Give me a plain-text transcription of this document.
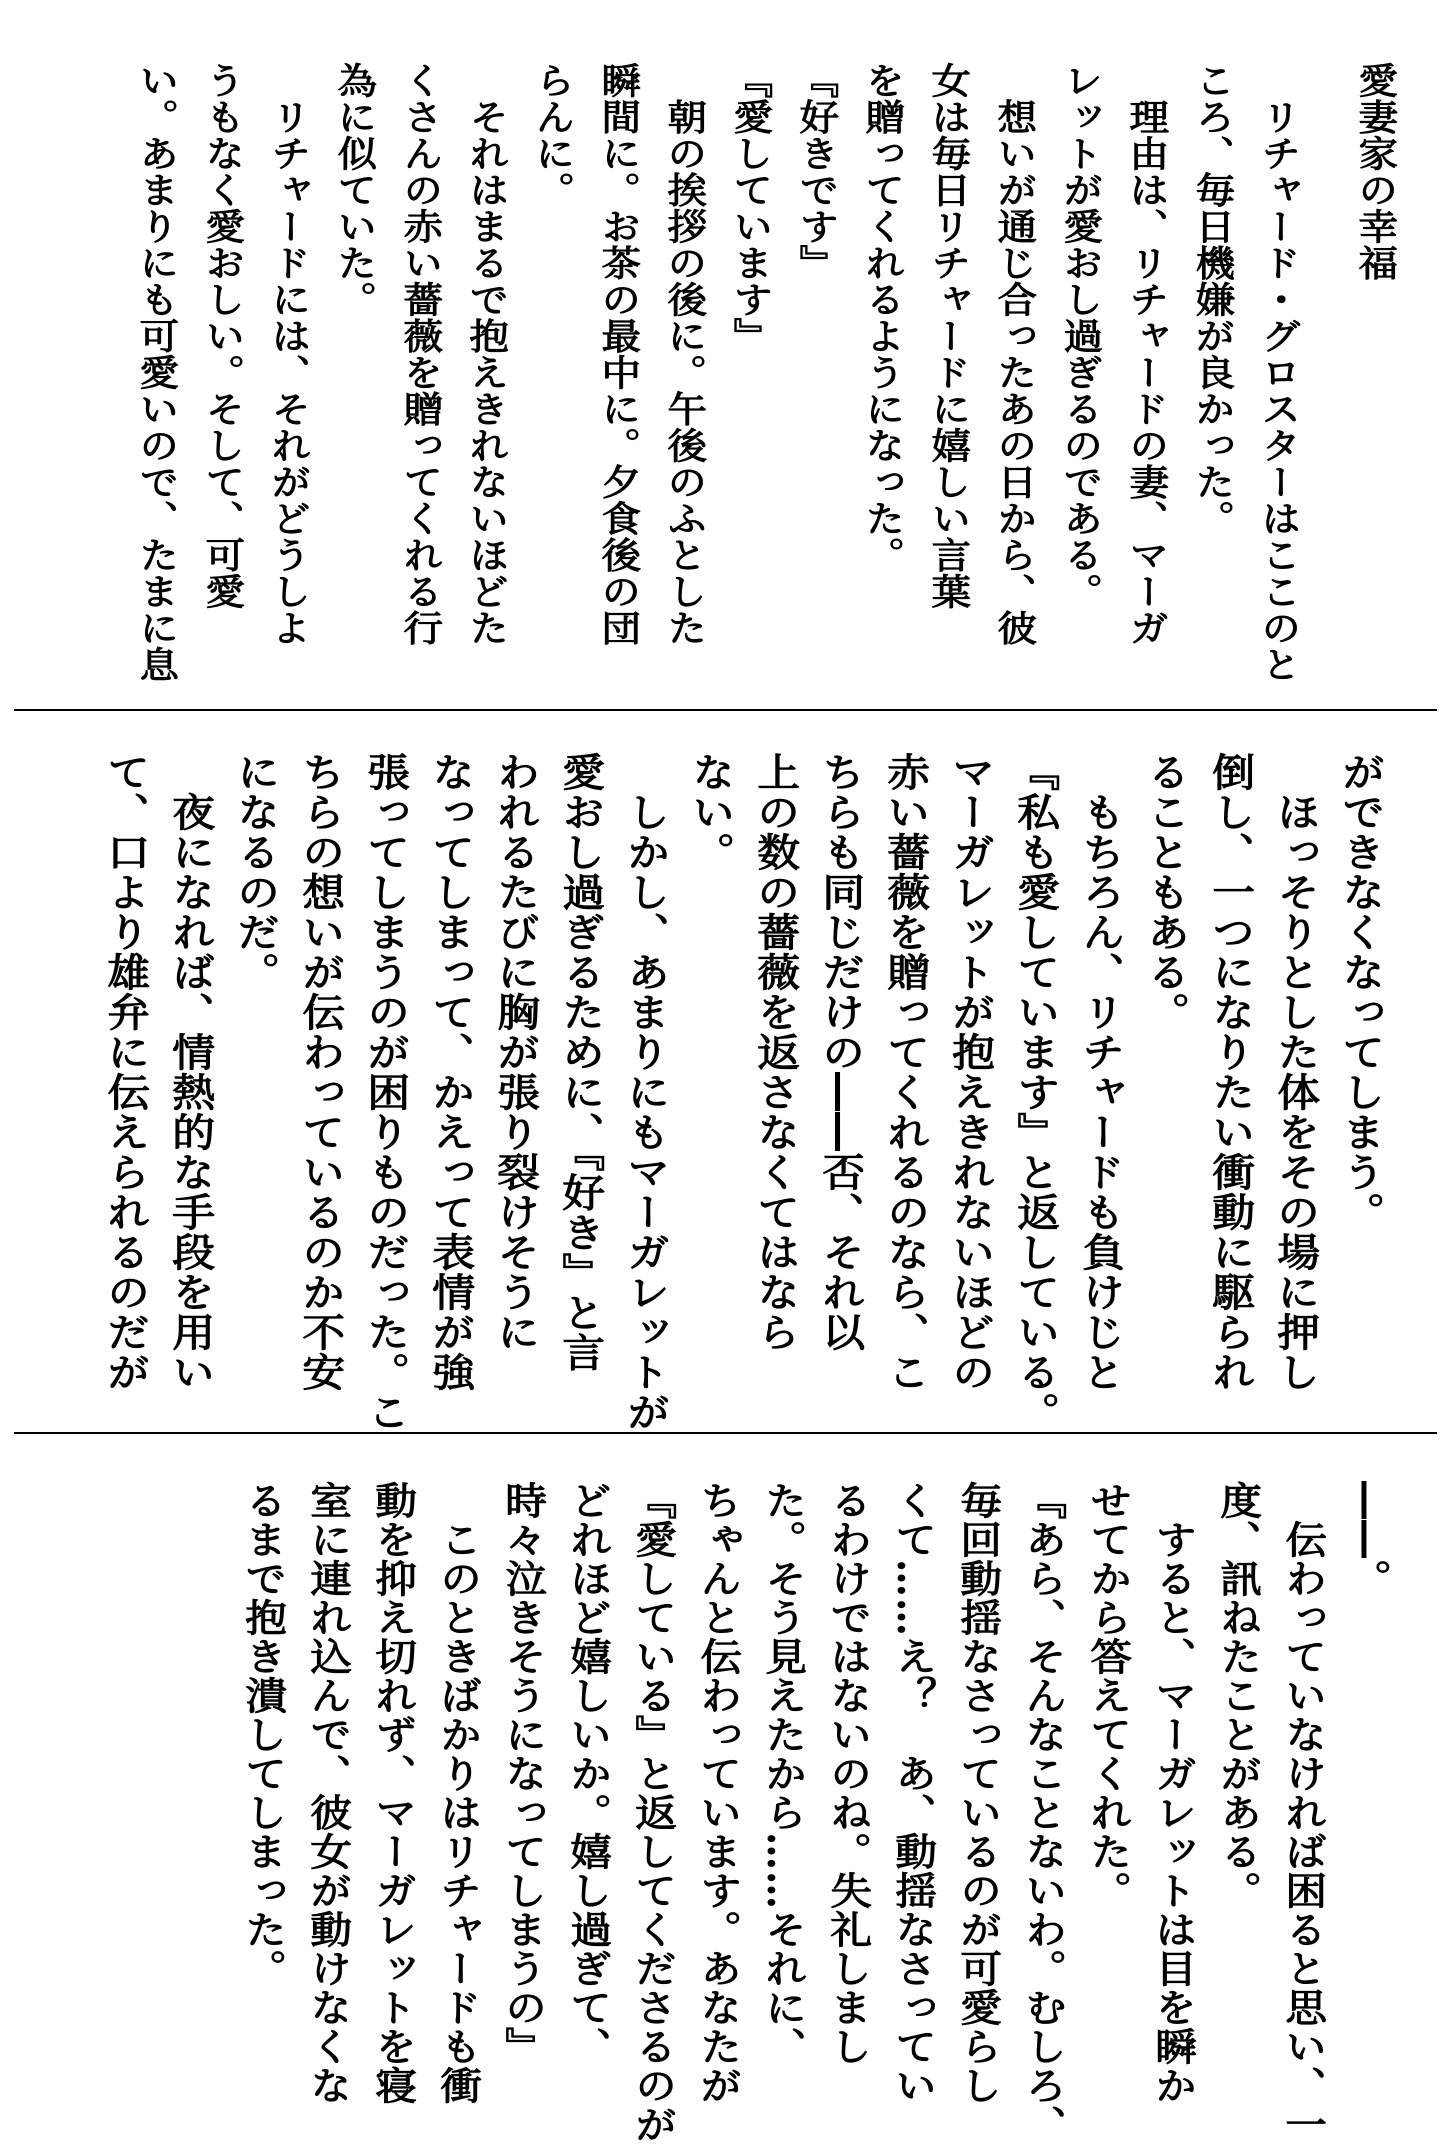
愛妻家の幸福
　リチャード・グロスターはここのと
ころ、毎日機嫌が良かった。
　理由は、リチャードの妻、マーガ
レットが愛おし過ぎるのである。
　想いが通じ合ったあの日から、彼
女は毎日リチャードに嬉しい言葉
を贈ってくれるようになった。
『好きです』
『愛しています』
　朝の挨拶の後に。午後のふとした
瞬間に。お茶の最中に。夕食後の団
らんに。
　それはまるで抱えきれないほどた
くさんの赤い薔薇を贈ってくれる行
為に似ていた。
　リチャードには、それがどうしよ
うもなく愛おしい。そして、可愛
い。あまりにも可愛いので、たまに息
ができなくなってしまう。
　ほっそりとした体をその場に押し
倒し、一つになりたい衝動に駆られ
ることもある。
　もちろん、リチャードも負けじと
『私も愛しています』と返している。
マーガレットが抱えきれないほどの
赤い薔薇を贈ってくれるのなら、こ
ちらも同じだけの――否、それ以
上の数の薔薇を返さなくてはなら
ない。
　しかし、あまりにもマーガレットが
愛おし過ぎるために、『好き』と言
われるたびに胸が張り裂けそうに
なってしまって、かえって表情が強
張ってしまうのが困りものだった。こ
ちらの想いが伝わっているのか不安
になるのだ。
　夜になれば、情熱的な手段を用い
て、口より雄弁に伝えられるのだが
――。
　伝わっていなければ困ると思い、一
度、訊ねたことがある。
　すると、マーガレットは目を瞬か
せてから答えてくれた。
『あら、そんなことないわ。むしろ、
毎回動揺なさっているのが可愛らし
くて……え？　あ、動揺なさってい
るわけではないのね。失礼しまし
た。そう見えたから……それに、
ちゃんと伝わっています。あなたが
『愛している』と返してくださるのが
どれほど嬉しいか。嬉し過ぎて、
時々泣きそうになってしまうの』
　このときばかりはリチャードも衝
動を抑え切れず、マーガレットを寝
室に連れ込んで、彼女が動けなくな
るまで抱き潰してしまった。
